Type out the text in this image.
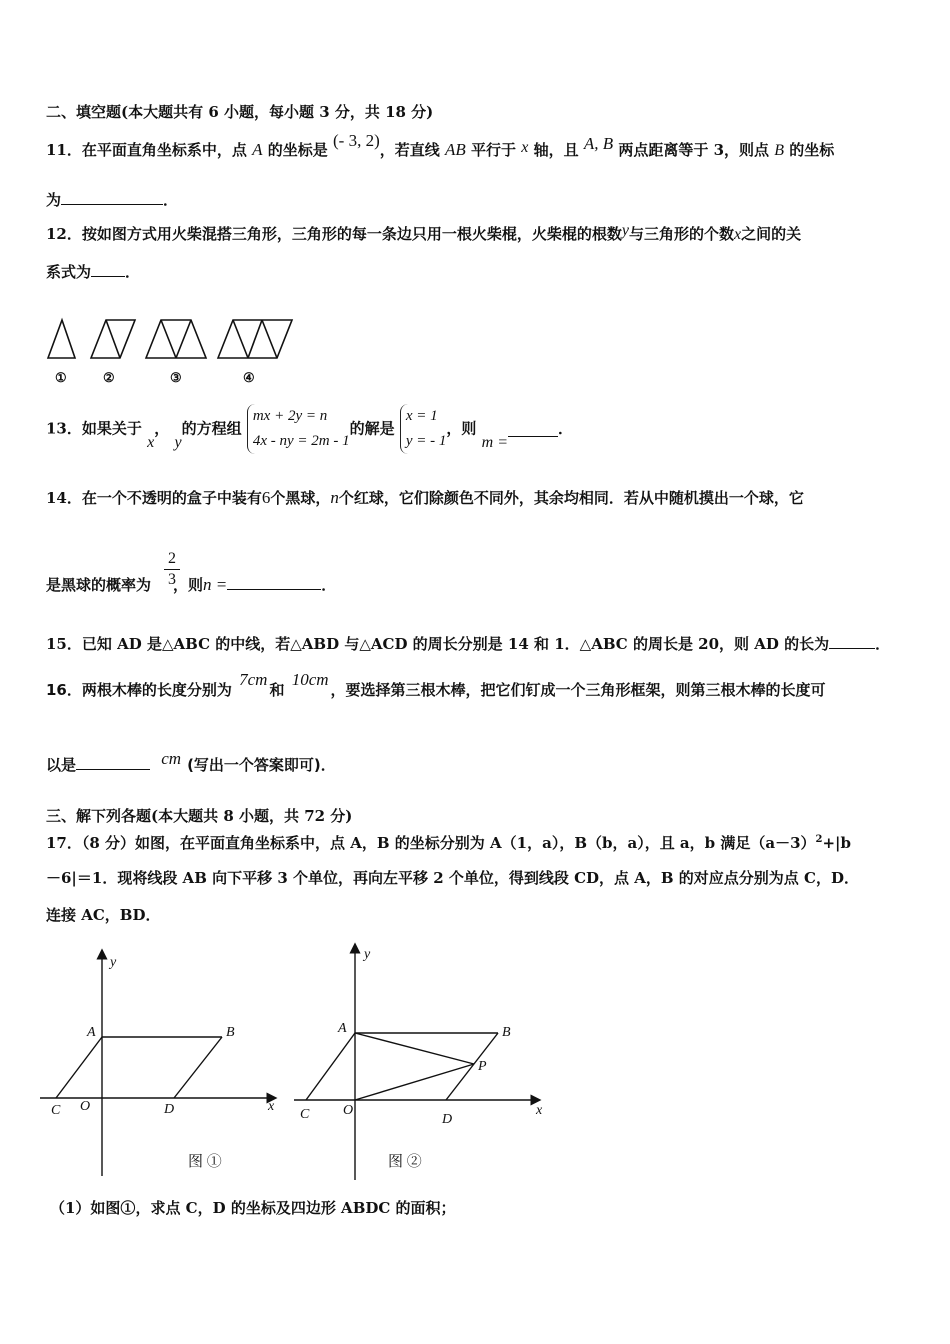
二、填空题(本大题共有 6 小题，每小题 3 分，共 18 分)
11．在平面直角坐标系中，点 A 的坐标是 (- 3, 2)，若直线 AB 平行于 x 轴，且 A, B 两点距离等于 3，则点 B 的坐标
为	．
12．按如图方式用火柴混搭三角形，三角形的每一条边只用一根火柴棍，火柴棍的根数y与三角形的个数x之间的关
系式为 ．
①	②	③	④
13．如果关于 x， y的方程组 mx + 2y = n
4x - ny = 2m - 1的解是 x = 1
y = - 1，则 m =．
14．在一个不透明的盒子中装有6个黑球，n个红球，它们除颜色不同外，其余均相同．若从中随机摸出一个球，它
$\frac{2}{3}$
是黑球的概率为 ，则n =	．
15．已知 AD 是△ABC 的中线，若△ABD 与△ACD 的周长分别是 14 和 1．△ABC 的周长是 20，则 AD 的长为	．
16．两根木棒的长度分别为 7cm和 10cm，要选择第三根木棒，把它们钉成一个三角形框架，则第三根木棒的长度可
以是	cm (写出一个答案即可)．
三、解下列各题(本大题共 8 小题，共 72 分)
17．（8 分）如图，在平面直角坐标系中，点 A，B 的坐标分别为 A（1，a），B（b，a），且 a，b 满足$(a-3)^2+|b$
－6|＝1．现将线段 AB 向下平移 3 个单位，再向左平移 2 个单位，得到线段 CD，点 A，B 的对应点分别为点 C，D．
连接 AC，BD．
y
A	B
C O	D	x
图 ①
y
A	B
P
C O
D
x
图 ②
（1）如图①，求点 C，D 的坐标及四边形 ABDC 的面积；
